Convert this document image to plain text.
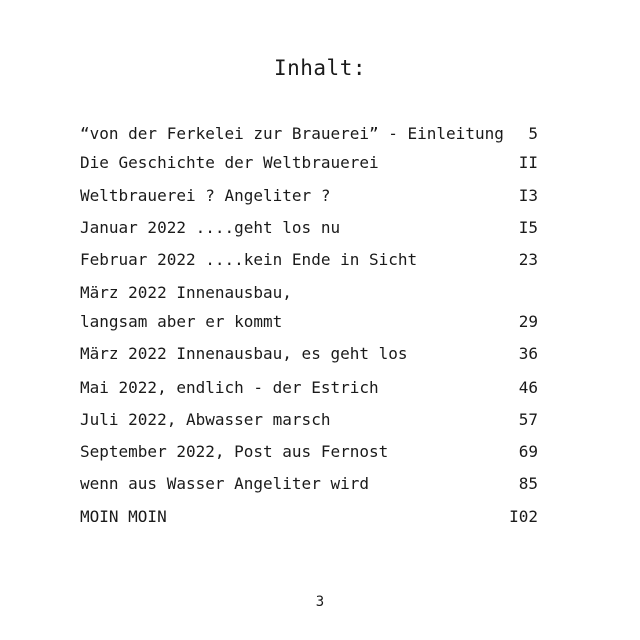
Inhalt:
“von der Ferkelei zur Brauerei” - Einleitung 5
Die Geschichte der Weltbrauerei	II
Weltbrauerei ? Angeliter ?	I3
Januar 2022 ....geht los nu	I5
Februar 2022 ....kein Ende in Sicht	23
März 2022 Innenausbau,
langsam aber er kommt	29
März 2022 Innenausbau, es geht los	36
Mai 2022, endlich - der Estrich	46
Juli 2022, Abwasser marsch	57
September 2022, Post aus Fernost	69
wenn aus Wasser Angeliter wird	85
MOIN MOIN	I02
3
